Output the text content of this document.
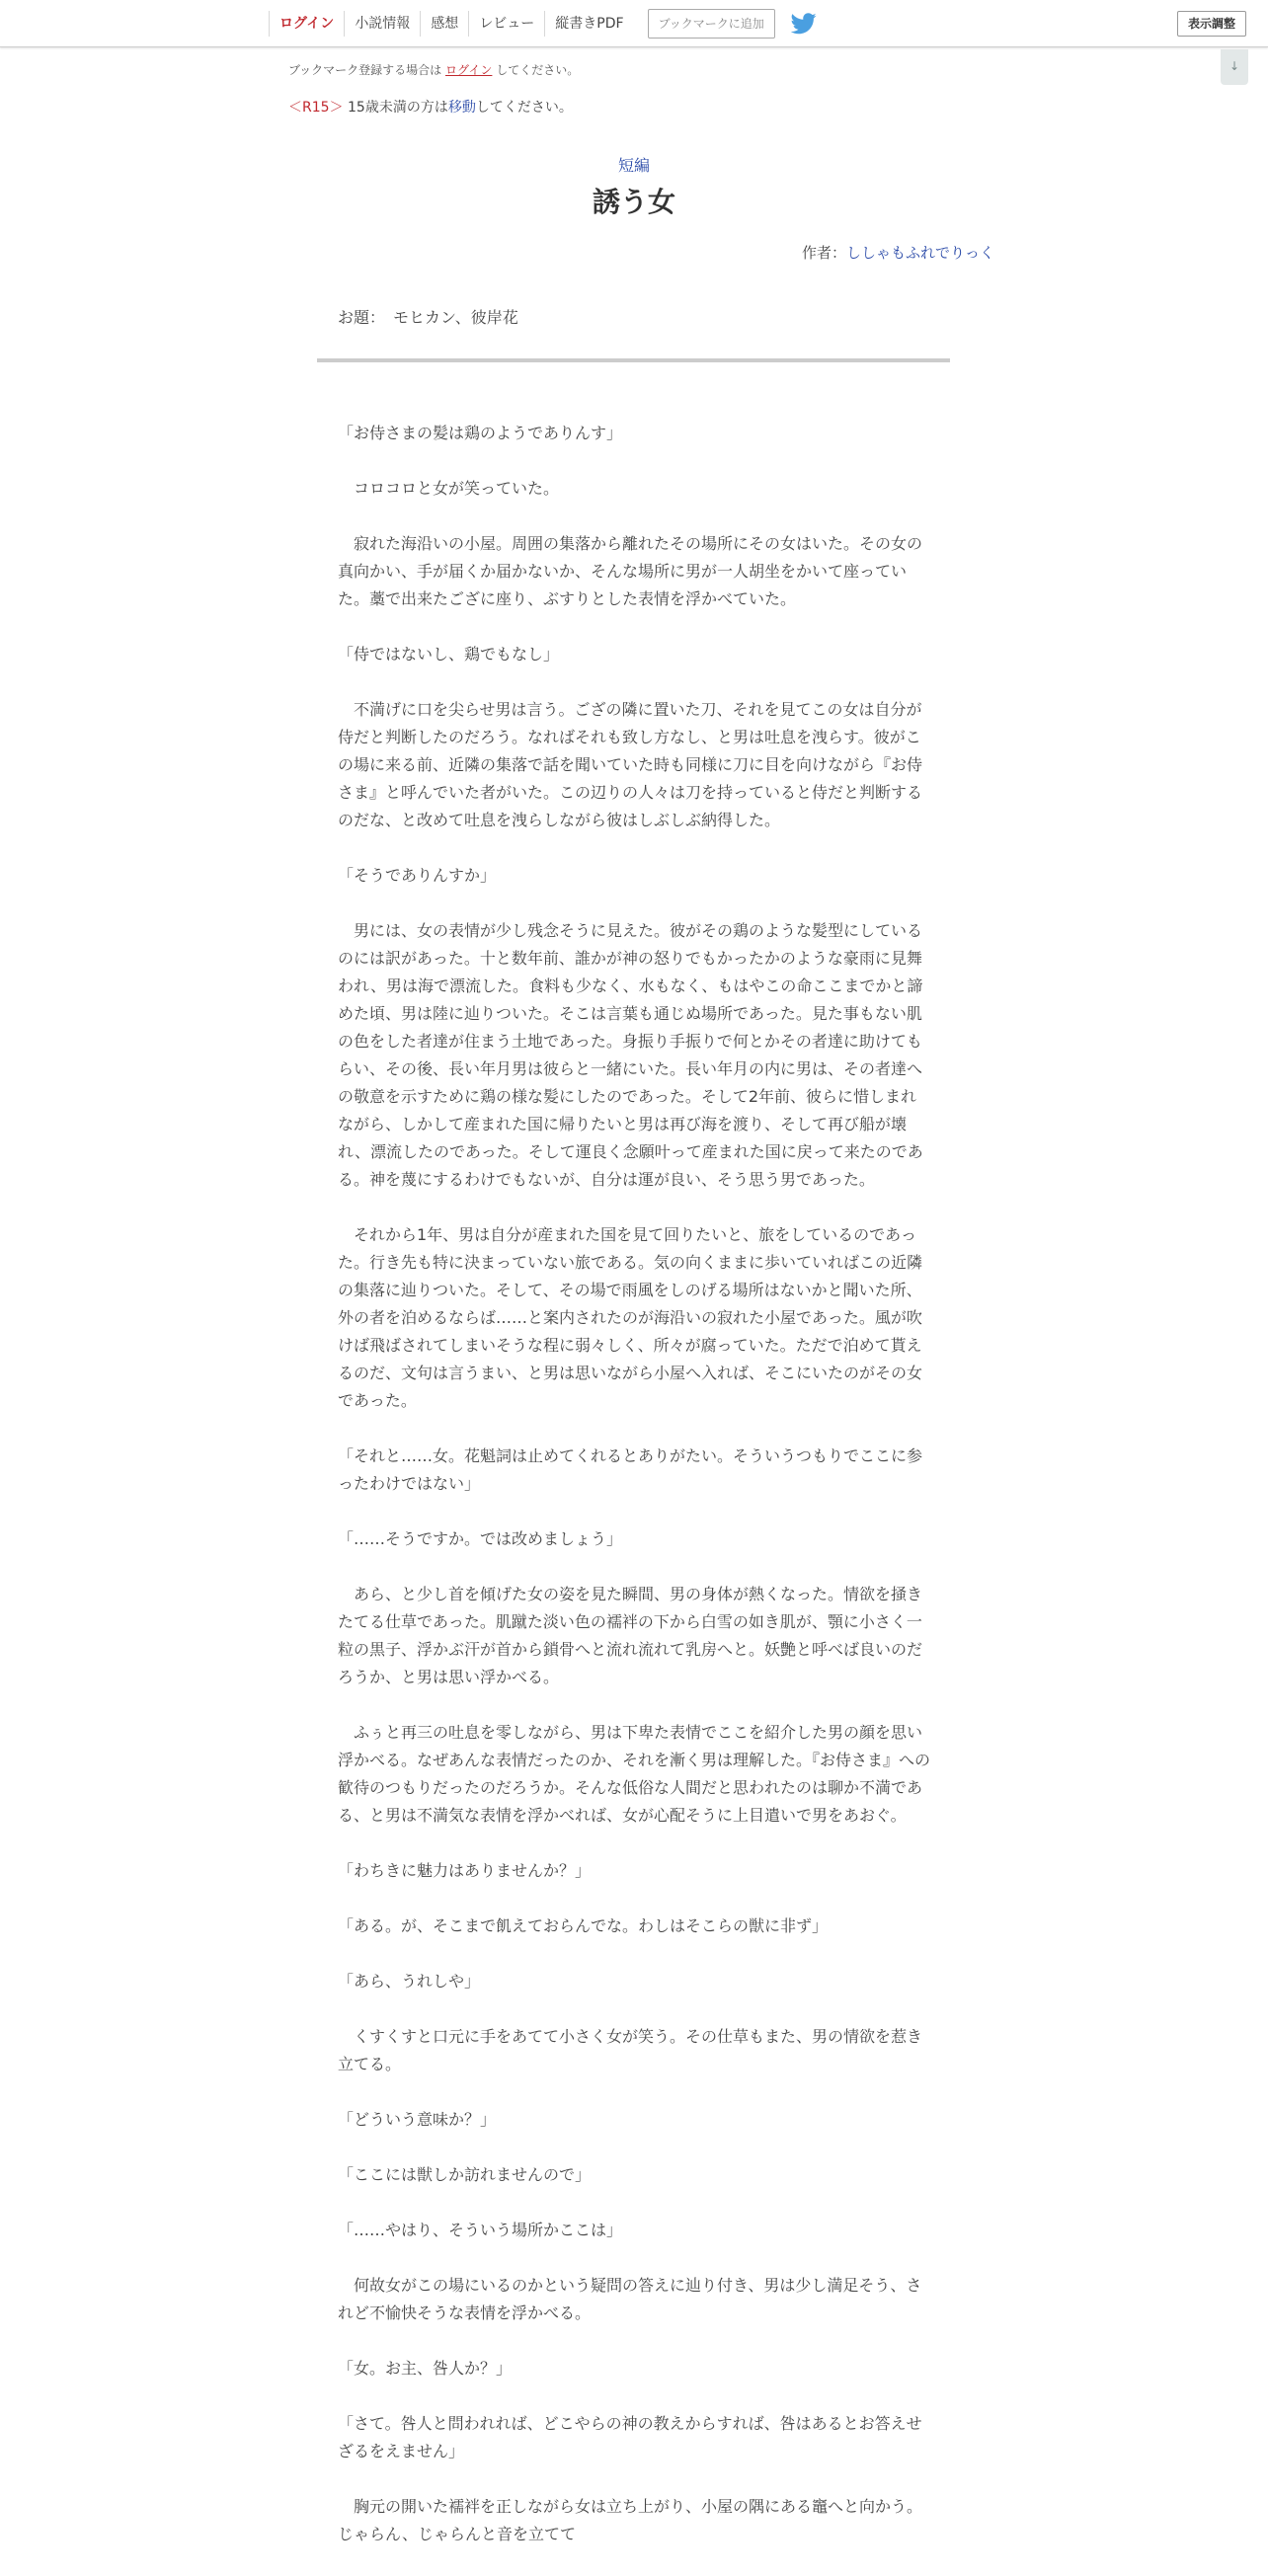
ログイン	小説情報	感想	レビュー	縦書きPDF	ブックマークに追加	表示調整
↓
ブックマーク登録する場合は ログイン してください。
＜R15＞ 15歳未満の方は移動してください。
短編
誘う女
作者：ししゃもふれでりっく
お題：　モヒカン、彼岸花

「お侍さまの髪は鶏のようでありんす」

　コロコロと女が笑っていた。

　寂れた海沿いの小屋。周囲の集落から離れたその場所にその女はいた。その女の真向かい、手が届くか届かないか、そんな場所に男が一人胡坐をかいて座っていた。藁で出来たござに座り、ぶすりとした表情を浮かべていた。

「侍ではないし、鶏でもなし」

　不満げに口を尖らせ男は言う。ござの隣に置いた刀、それを見てこの女は自分が侍だと判断したのだろう。なればそれも致し方なし、と男は吐息を洩らす。彼がこの場に来る前、近隣の集落で話を聞いていた時も同様に刀に目を向けながら『お侍さま』と呼んでいた者がいた。この辺りの人々は刀を持っていると侍だと判断するのだな、と改めて吐息を洩らしながら彼はしぶしぶ納得した。

「そうでありんすか」

　男には、女の表情が少し残念そうに見えた。彼がその鶏のような髪型にしているのには訳があった。十と数年前、誰かが神の怒りでもかったかのような豪雨に見舞われ、男は海で漂流した。食料も少なく、水もなく、もはやこの命ここまでかと諦めた頃、男は陸に辿りついた。そこは言葉も通じぬ場所であった。見た事もない肌の色をした者達が住まう土地であった。身振り手振りで何とかその者達に助けてもらい、その後、長い年月男は彼らと一緒にいた。長い年月の内に男は、その者達への敬意を示すために鶏の様な髪にしたのであった。そして2年前、彼らに惜しまれながら、しかして産まれた国に帰りたいと男は再び海を渡り、そして再び船が壊れ、漂流したのであった。そして運良く念願叶って産まれた国に戻って来たのである。神を蔑にするわけでもないが、自分は運が良い、そう思う男であった。

　それから1年、男は自分が産まれた国を見て回りたいと、旅をしているのであった。行き先も特に決まっていない旅である。気の向くままに歩いていればこの近隣の集落に辿りついた。そして、その場で雨風をしのげる場所はないかと聞いた所、外の者を泊めるならば……と案内されたのが海沿いの寂れた小屋であった。風が吹けば飛ばされてしまいそうな程に弱々しく、所々が腐っていた。ただで泊めて貰えるのだ、文句は言うまい、と男は思いながら小屋へ入れば、そこにいたのがその女であった。

「それと……女。花魁詞は止めてくれるとありがたい。そういうつもりでここに参ったわけではない」

「……そうですか。では改めましょう」

　あら、と少し首を傾げた女の姿を見た瞬間、男の身体が熱くなった。情欲を掻きたてる仕草であった。肌蹴た淡い色の襦袢の下から白雪の如き肌が、顎に小さく一粒の黒子、浮かぶ汗が首から鎖骨へと流れ流れて乳房へと。妖艶と呼べば良いのだろうか、と男は思い浮かべる。

　ふぅと再三の吐息を零しながら、男は下卑た表情でここを紹介した男の顔を思い浮かべる。なぜあんな表情だったのか、それを漸く男は理解した。『お侍さま』への歓待のつもりだったのだろうか。そんな低俗な人間だと思われたのは聊か不満である、と男は不満気な表情を浮かべれば、女が心配そうに上目遣いで男をあおぐ。

「わちきに魅力はありませんか？」

「ある。が、そこまで飢えておらんでな。わしはそこらの獣に非ず」

「あら、うれしや」

　くすくすと口元に手をあてて小さく女が笑う。その仕草もまた、男の情欲を惹き立てる。

「どういう意味か？」

「ここには獣しか訪れませんので」

「……やはり、そういう場所かここは」

　何故女がこの場にいるのかという疑問の答えに辿り付き、男は少し満足そう、されど不愉快そうな表情を浮かべる。

「女。お主、咎人か？」

「さて。咎人と問われれば、どこやらの神の教えからすれば、咎はあるとお答えせざるをえません」

　胸元の開いた襦袢を正しながら女は立ち上がり、小屋の隅にある竈へと向かう。じゃらん、じゃらんと音を立てて
